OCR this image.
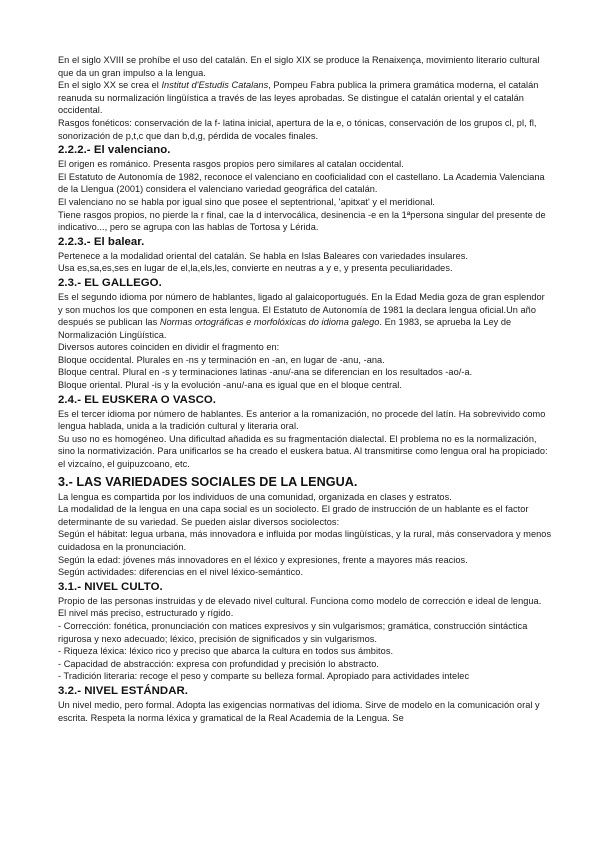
En el siglo XVIII se prohíbe el uso del catalán. En el siglo XIX se produce la Renaixença, movimiento literario cultural que da un gran impulso a la lengua.

En el siglo XX se crea el Institut d'Estudis Catalans, Pompeu Fabra publica la primera gramática moderna, el catalán reanuda su normalización lingüística a través de las leyes aprobadas. Se distingue el catalán oriental y el catalán occidental.

Rasgos fonéticos: conservación de la f- latina inicial, apertura de la e, o tónicas, conservación de los grupos cl, pl, fl, sonorización de p,t,c que dan b,d,g, pérdida de vocales finales.

2.2.2.- El valenciano.

El origen es románico. Presenta rasgos propios pero similares al catalan occidental.

El Estatuto de Autonomía de 1982, reconoce el valenciano en cooficialidad con el castellano. La Academia Valenciana de la Llengua (2001) considera el valenciano variedad geográfica del catalán.

El valenciano no se habla por igual sino que posee el septentrional, 'apitxat' y el meridional.

Tiene rasgos propios, no pierde la r final, cae la d intervocálica, desinencia -e en la 1ªpersona singular del presente de indicativo..., pero se agrupa con las hablas de Tortosa y Lérida.

2.2.3.- El balear.

Pertenece a la modalidad oriental del catalán. Se habla en Islas Baleares con variedades insulares.

Usa es,sa,es,ses en lugar de el,la,els,les, convierte en neutras a y e, y presenta peculiaridades.

2.3.- EL GALLEGO.

Es el segundo idioma por número de hablantes, ligado al galaicoportugués. En la Edad Media goza de gran esplendor y son muchos los que componen en esta lengua. El Estatuto de Autonomía de 1981 la declara lengua oficial.Un año después se publican las Normas ortográficas e morfolóxicas do idioma galego. En 1983, se aprueba la Ley de Normalización Lingüística.

Diversos autores coinciden en dividir el fragmento en:

Bloque occidental. Plurales en -ns y terminación en -an, en lugar de -anu, -ana.

Bloque central. Plural en -s y terminaciones latinas -anu/-ana se diferencian en los resultados -ao/-a.

Bloque oriental. Plural -is y la evolución -anu/-ana es igual que en el bloque central.

2.4.- EL EUSKERA O VASCO.

Es el tercer idioma por número de hablantes. Es anterior a la romanización, no procede del latín. Ha sobrevivido como lengua hablada, unida a la tradición cultural y literaria oral.

Su uso no es homogéneo. Una dificultad añadida es su fragmentación dialectal. El problema no es la normalización, sino la normativización. Para unificarlos se ha creado el euskera batua. Al transmitirse como lengua oral ha propiciado: el vizcaíno, el guipuzcoano, etc.

3.- LAS VARIEDADES SOCIALES DE LA LENGUA.

La lengua es compartida por los individuos de una comunidad, organizada en clases y estratos.

La modalidad de la lengua en una capa social es un sociolecto. El grado de instrucción de un hablante es el factor determinante de su variedad. Se pueden aislar diversos sociolectos:

Según el hábitat: legua urbana, más innovadora e influida por modas lingüísticas, y la rural, más conservadora y menos cuidadosa en la pronunciación.

Según la edad: jóvenes más innovadores en el léxico y expresiones, frente a mayores más reacios.

Según actividades: diferencias en el nivel léxico-semántico.

3.1.- NIVEL CULTO.

Propio de las personas instruidas y de elevado nivel cultural. Funciona como modelo de corrección e ideal de lengua. El nivel más preciso, estructurado y rígido.

- Corrección: fonética, pronunciación con matices expresivos y sin vulgarismos; gramática, construcción sintáctica rigurosa y nexo adecuado; léxico, precisión de significados y sin vulgarismos.

- Riqueza léxica: léxico rico y preciso que abarca la cultura en todos sus ámbitos.

- Capacidad de abstracción: expresa con profundidad y precisión lo abstracto.

- Tradición literaria: recoge el peso y comparte su belleza formal. Apropiado para actividades intelec

3.2.- NIVEL ESTÁNDAR.

Un nivel medio, pero formal. Adopta las exigencias normativas del idioma. Sirve de modelo en la comunicación oral y escrita. Respeta la norma léxica y gramatical de la Real Academia de la Lengua. Se
